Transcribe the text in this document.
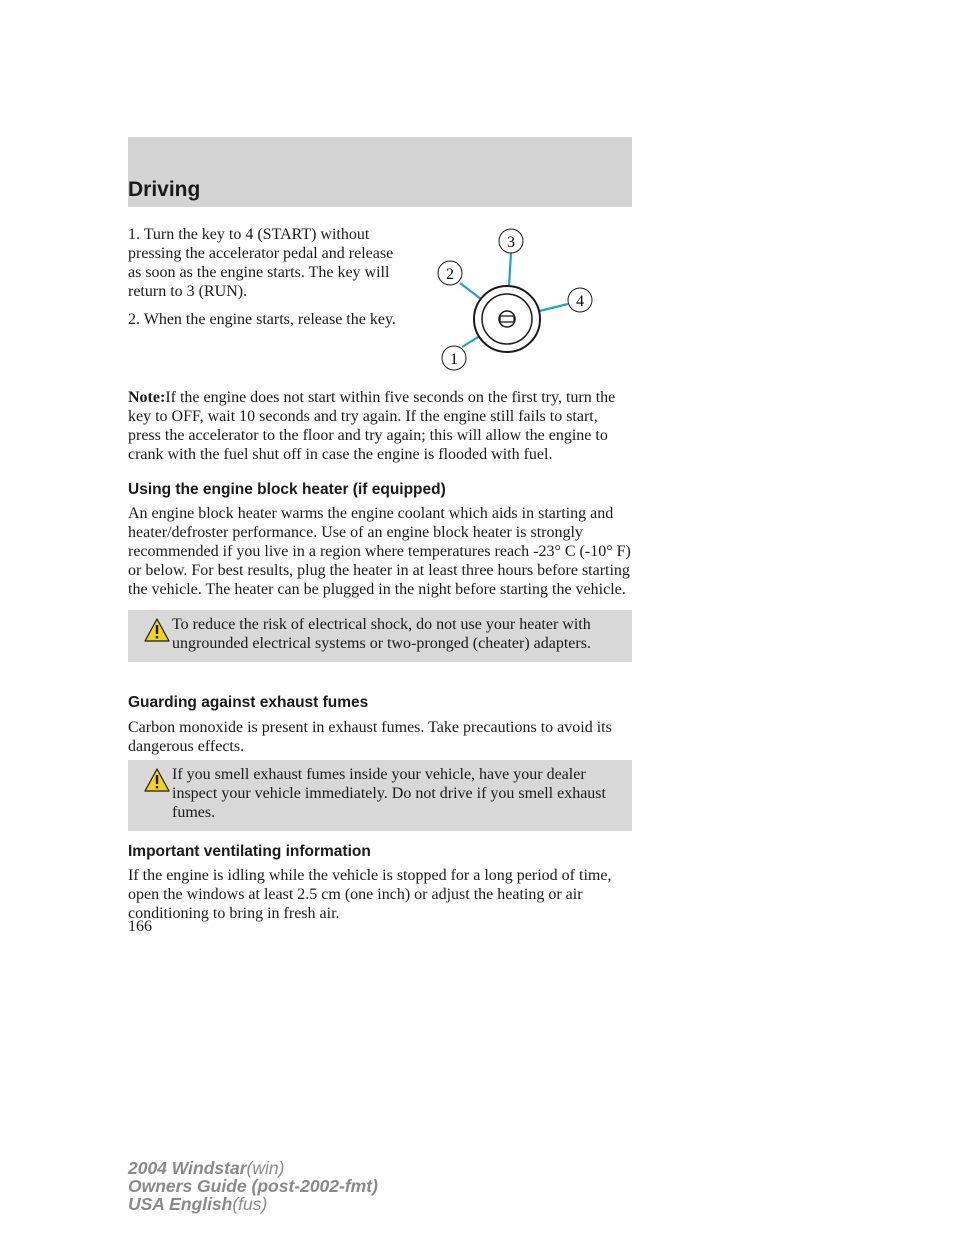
Driving

1. Turn the key to 4 (START) without pressing the accelerator pedal and release as soon as the engine starts. The key will return to 3 (RUN).

2. When the engine starts, release the key.

1
2
3
4

Note:If the engine does not start within five seconds on the first try, turn the key to OFF, wait 10 seconds and try again. If the engine still fails to start, press the accelerator to the floor and try again; this will allow the engine to crank with the fuel shut off in case the engine is flooded with fuel.

Using the engine block heater (if equipped)

An engine block heater warms the engine coolant which aids in starting and heater/defroster performance. Use of an engine block heater is strongly recommended if you live in a region where temperatures reach -23° C (-10° F) or below. For best results, plug the heater in at least three hours before starting the vehicle. The heater can be plugged in the night before starting the vehicle.

To reduce the risk of electrical shock, do not use your heater with ungrounded electrical systems or two-pronged (cheater) adapters.
Guarding against exhaust fumes

Carbon monoxide is present in exhaust fumes. Take precautions to avoid its dangerous effects.

If you smell exhaust fumes inside your vehicle, have your dealer inspect your vehicle immediately. Do not drive if you smell exhaust fumes.
Important ventilating information

If the engine is idling while the vehicle is stopped for a long period of time, open the windows at least 2.5 cm (one inch) or adjust the heating or air conditioning to bring in fresh air.

166
2004 Windstar(win)
Owners Guide (post-2002-fmt)
USA English(fus)
